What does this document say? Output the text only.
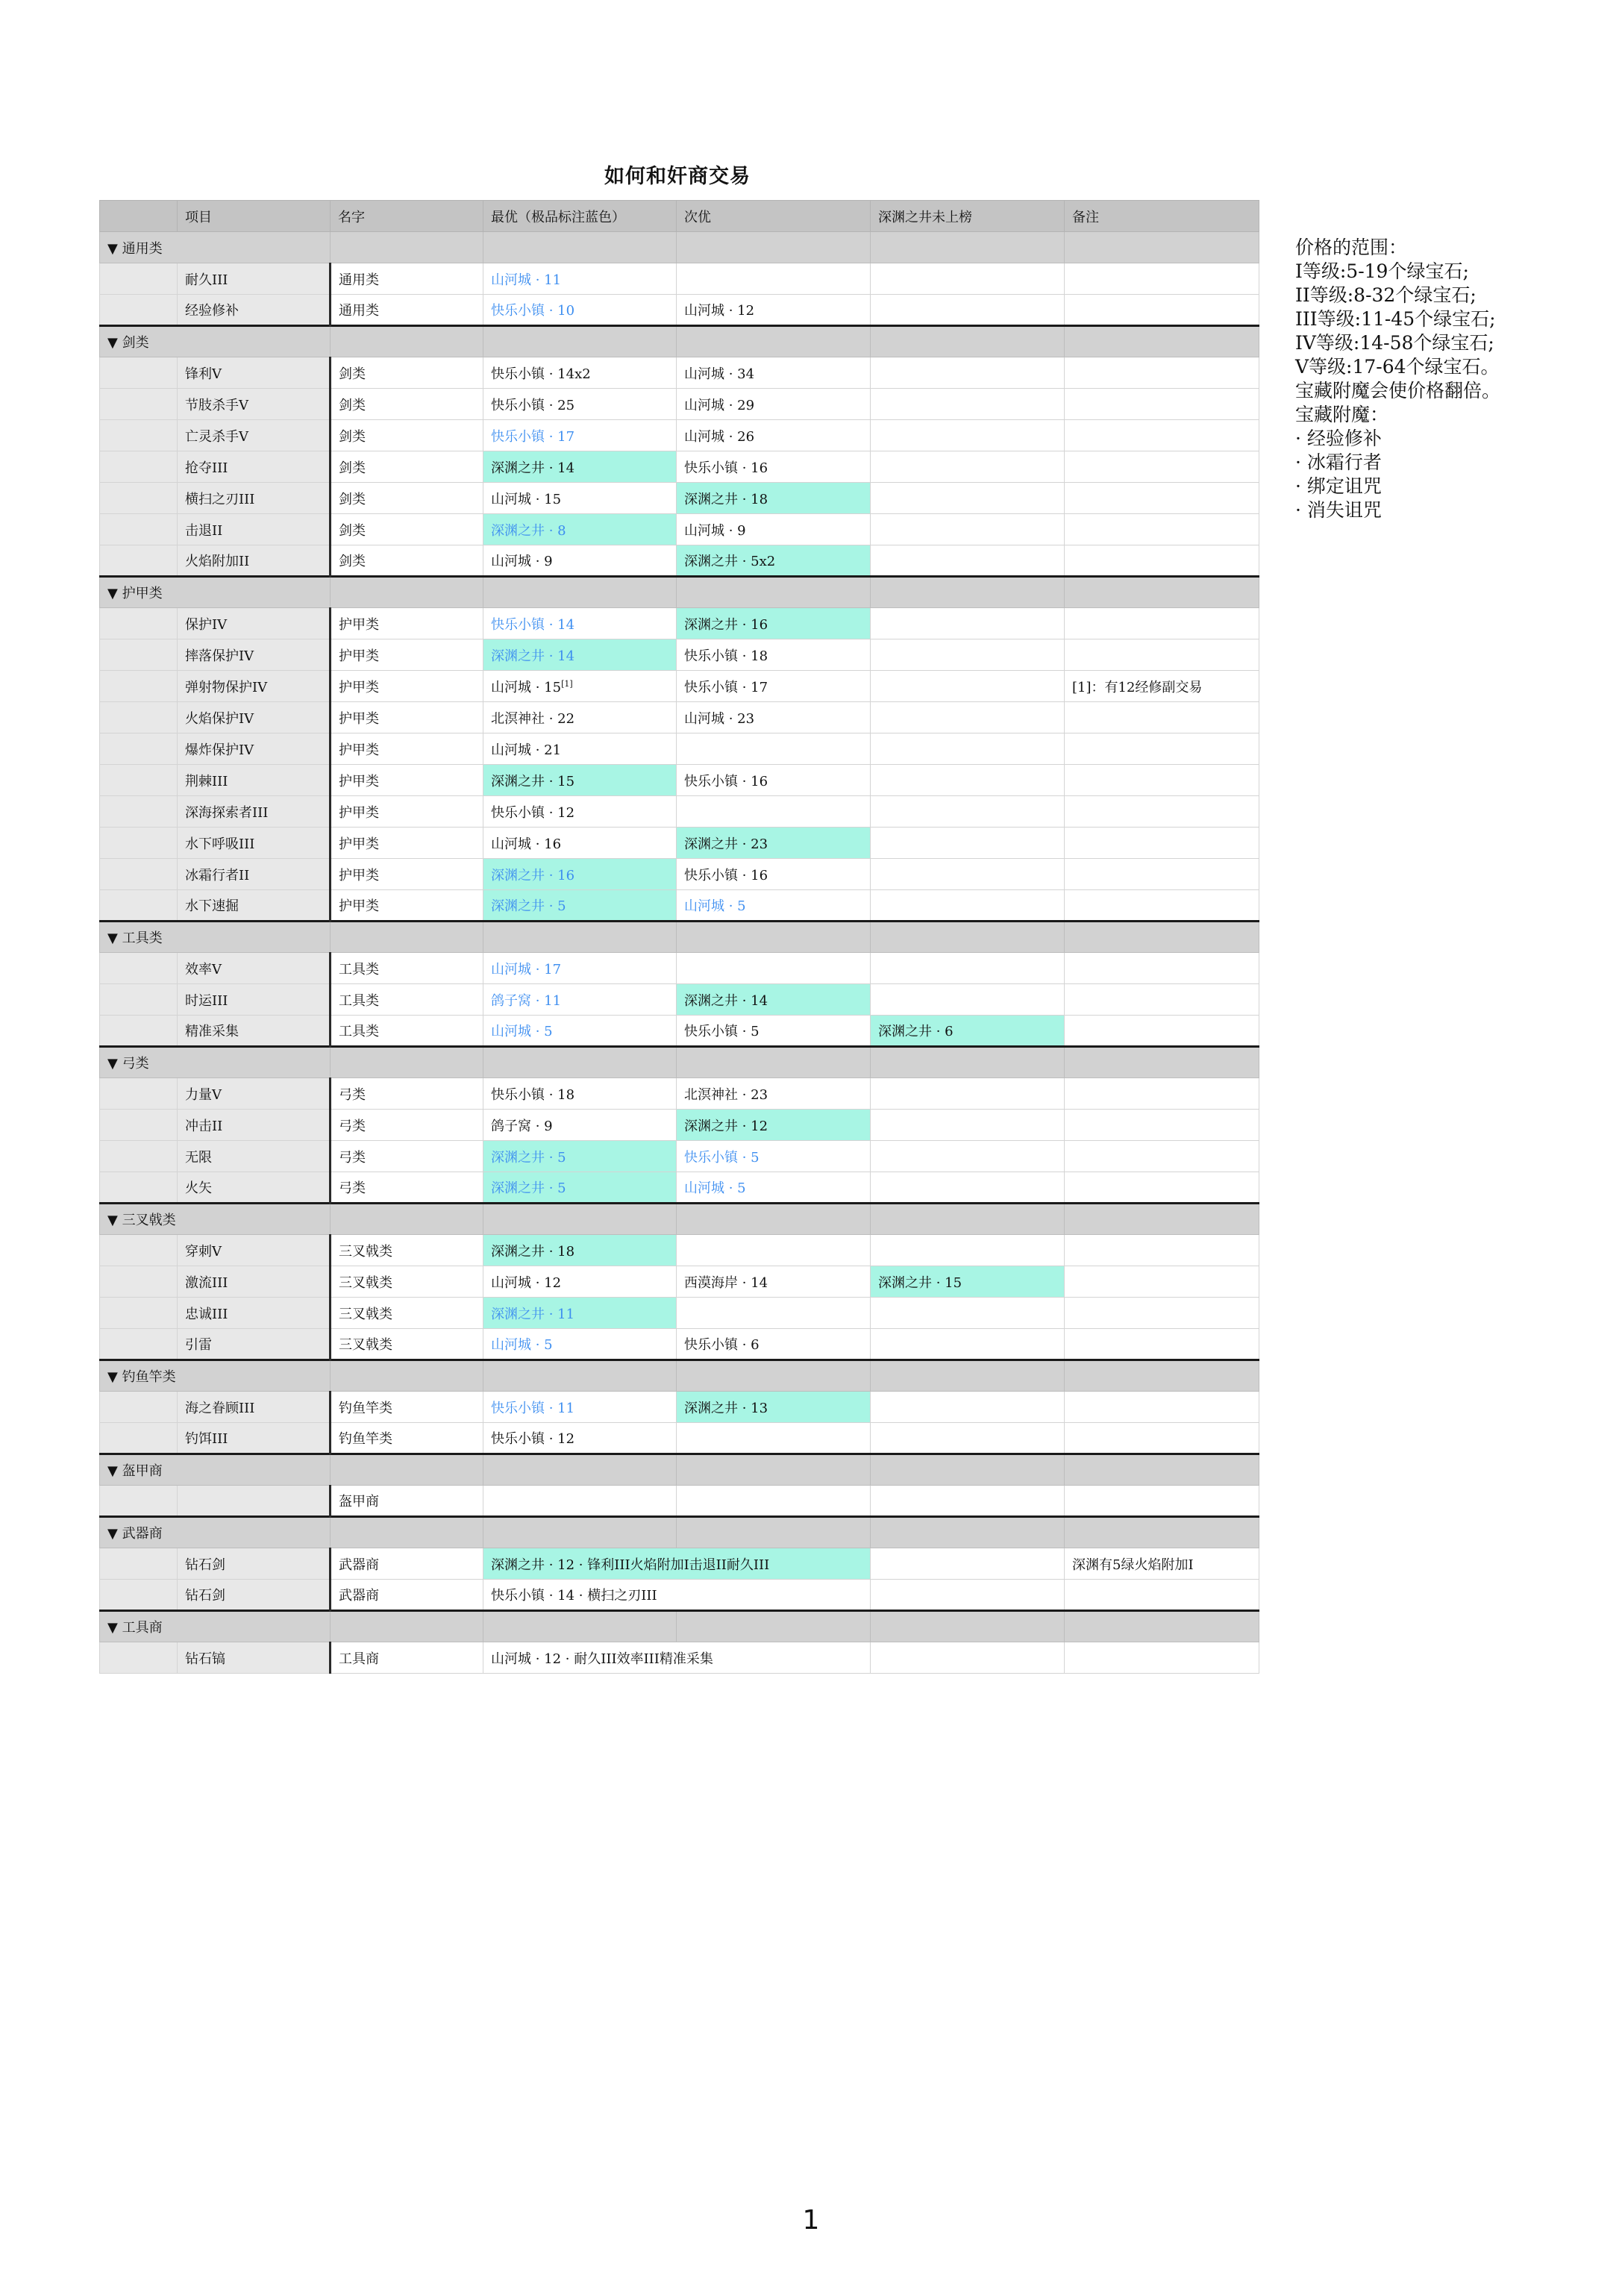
如何和奸商交易
	项目	名字	最优（极品标注蓝色）	次优	深渊之井未上榜	备注
▼ 通用类						
	耐久III	通用类	山河城 · 11			
	经验修补	通用类	快乐小镇 · 10	山河城 · 12		
▼ 剑类						
	锋利V	剑类	快乐小镇 · 14x2	山河城 · 34		
	节肢杀手V	剑类	快乐小镇 · 25	山河城 · 29		
	亡灵杀手V	剑类	快乐小镇 · 17	山河城 · 26		
	抢夺III	剑类	深渊之井 · 14	快乐小镇 · 16		
	横扫之刃III	剑类	山河城 · 15	深渊之井 · 18		
	击退II	剑类	深渊之井 · 8	山河城 · 9		
	火焰附加II	剑类	山河城 · 9	深渊之井 · 5x2		
▼ 护甲类						
	保护IV	护甲类	快乐小镇 · 14	深渊之井 · 16		
	摔落保护IV	护甲类	深渊之井 · 14	快乐小镇 · 18		
	弹射物保护IV	护甲类	山河城 · 15[1]	快乐小镇 · 17		[1]：有12经修副交易
	火焰保护IV	护甲类	北溟神社 · 22	山河城 · 23		
	爆炸保护IV	护甲类	山河城 · 21			
	荆棘III	护甲类	深渊之井 · 15	快乐小镇 · 16		
	深海探索者III	护甲类	快乐小镇 · 12			
	水下呼吸III	护甲类	山河城 · 16	深渊之井 · 23		
	冰霜行者II	护甲类	深渊之井 · 16	快乐小镇 · 16		
	水下速掘	护甲类	深渊之井 · 5	山河城 · 5		
▼ 工具类						
	效率V	工具类	山河城 · 17			
	时运III	工具类	鸽子窝 · 11	深渊之井 · 14		
	精准采集	工具类	山河城 · 5	快乐小镇 · 5	深渊之井 · 6	
▼ 弓类						
	力量V	弓类	快乐小镇 · 18	北溟神社 · 23		
	冲击II	弓类	鸽子窝 · 9	深渊之井 · 12		
	无限	弓类	深渊之井 · 5	快乐小镇 · 5		
	火矢	弓类	深渊之井 · 5	山河城 · 5		
▼ 三叉戟类						
	穿刺V	三叉戟类	深渊之井 · 18			
	激流III	三叉戟类	山河城 · 12	西漠海岸 · 14	深渊之井 · 15	
	忠诚III	三叉戟类	深渊之井 · 11			
	引雷	三叉戟类	山河城 · 5	快乐小镇 · 6		
▼ 钓鱼竿类						
	海之眷顾III	钓鱼竿类	快乐小镇 · 11	深渊之井 · 13		
	钓饵III	钓鱼竿类	快乐小镇 · 12			
▼ 盔甲商						
		盔甲商				
▼ 武器商						
	钻石剑	武器商	深渊之井 · 12 · 锋利III火焰附加I击退II耐久III			深渊有5绿火焰附加I
	钻石剑	武器商	快乐小镇 · 14 · 横扫之刃III			
▼ 工具商						
	钻石镐	工具商	山河城 · 12 · 耐久III效率III精准采集			
价格的范围：
I等级:5-19个绿宝石;
II等级:8-32个绿宝石;
III等级:11-45个绿宝石;
IV等级:14-58个绿宝石;
V等级:17-64个绿宝石。
宝藏附魔会使价格翻倍。
宝藏附魔：
· 经验修补
· 冰霜行者
· 绑定诅咒
· 消失诅咒
1
